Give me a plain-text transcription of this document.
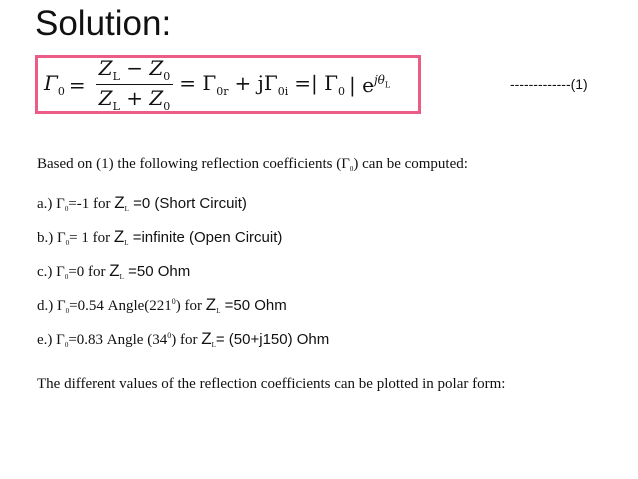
Solution:
$\Gamma_0 = \frac{Z_L - Z_0}{Z_L + Z_0} = \Gamma_{0r} + j\Gamma_{0i}$ =| $\Gamma_0$ | $e^{j\theta_L}$	-------------(1)
Based on (1) the following reflection coefficients $(\Gamma_0)$ can be computed:
a.) $\Gamma_0=-1$ for $Z_L =0$ (Short Circuit)
b.) $\Gamma_0= 1$ for $Z_L$ =infinite (Open Circuit)
c.) $\Gamma_0=0$ for $Z_L =50$ Ohm
d.) $\Gamma_0=0.54$ $Angle(221^0)$ for $Z_L =50$ Ohm
e.) $\Gamma_0=0.83$ Angle $(34^0)$ for $Z_L= (50+j150)$ Ohm
The different values of the reflection coefficients can be plotted in polar form:
